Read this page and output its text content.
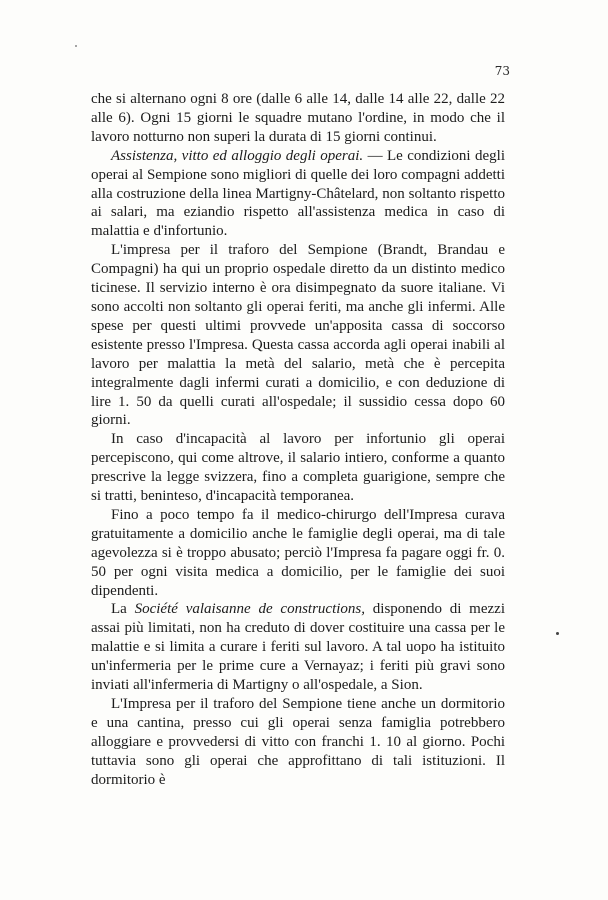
73

che si alternano ogni 8 ore (dalle 6 alle 14, dalle 14 alle 22, dalle 22 alle 6). Ogni 15 giorni le squadre mutano l'ordine, in modo che il lavoro notturno non superi la durata di 15 giorni continui.

Assistenza, vitto ed alloggio degli operai. — Le condizioni degli operai al Sempione sono migliori di quelle dei loro compagni addetti alla costruzione della linea Martigny-Châtelard, non soltanto rispetto ai salari, ma eziandio rispetto all'assistenza medica in caso di malattia e d'infortunio.

L'impresa per il traforo del Sempione (Brandt, Brandau e Compagni) ha qui un proprio ospedale diretto da un distinto medico ticinese. Il servizio interno è ora disimpegnato da suore italiane. Vi sono accolti non soltanto gli operai feriti, ma anche gli infermi. Alle spese per questi ultimi provvede un'apposita cassa di soccorso esistente presso l'Impresa. Questa cassa accorda agli operai inabili al lavoro per malattia la metà del salario, metà che è percepita integralmente dagli infermi curati a domicilio, e con deduzione di lire 1. 50 da quelli curati all'ospedale; il sussidio cessa dopo 60 giorni.

In caso d'incapacità al lavoro per infortunio gli operai percepiscono, qui come altrove, il salario intiero, conforme a quanto prescrive la legge svizzera, fino a completa guarigione, sempre che si tratti, beninteso, d'incapacità temporanea.

Fino a poco tempo fa il medico-chirurgo dell'Impresa curava gratuitamente a domicilio anche le famiglie degli operai, ma di tale agevolezza si è troppo abusato; perciò l'Impresa fa pagare oggi fr. 0. 50 per ogni visita medica a domicilio, per le famiglie dei suoi dipendenti.

La Société valaisanne de constructions, disponendo di mezzi assai più limitati, non ha creduto di dover costituire una cassa per le malattie e si limita a curare i feriti sul lavoro. A tal uopo ha istituito un'infermeria per le prime cure a Vernayaz; i feriti più gravi sono inviati all'infermeria di Martigny o all'ospedale, a Sion.

L'Impresa per il traforo del Sempione tiene anche un dormitorio e una cantina, presso cui gli operai senza famiglia potrebbero alloggiare e provvedersi di vitto con franchi 1. 10 al giorno. Pochi tuttavia sono gli operai che approfittano di tali istituzioni. Il dormitorio è
